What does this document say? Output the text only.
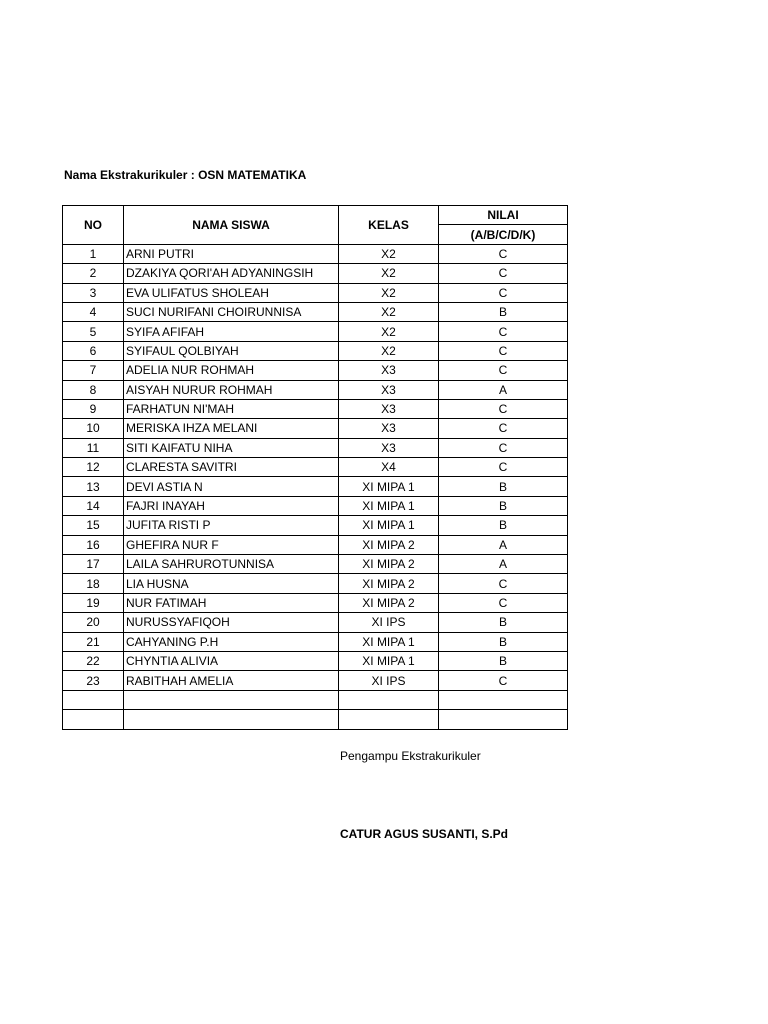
Nama Ekstrakurikuler : OSN MATEMATIKA
NO	NAMA SISWA	KELAS	NILAI
			(A/B/C/D/K)
1	ARNI PUTRI	X2	C
2	DZAKIYA QORI'AH ADYANINGSIH	X2	C
3	EVA ULIFATUS SHOLEAH	X2	C
4	SUCI NURIFANI CHOIRUNNISA	X2	B
5	SYIFA AFIFAH	X2	C
6	SYIFAUL QOLBIYAH	X2	C
7	ADELIA NUR ROHMAH	X3	C
8	AISYAH NURUR ROHMAH	X3	A
9	FARHATUN NI'MAH	X3	C
10	MERISKA IHZA MELANI	X3	C
11	SITI KAIFATU NIHA	X3	C
12	CLARESTA SAVITRI	X4	C
13	DEVI ASTIA N	XI MIPA 1	B
14	FAJRI INAYAH	XI MIPA 1	B
15	JUFITA RISTI P	XI MIPA 1	B
16	GHEFIRA NUR F	XI MIPA 2	A
17	LAILA SAHRUROTUNNISA	XI MIPA 2	A
18	LIA HUSNA	XI MIPA 2	C
19	NUR FATIMAH	XI MIPA 2	C
20	NURUSSYAFIQOH	XI IPS	B
21	CAHYANING P.H	XI MIPA 1	B
22	CHYNTIA ALIVIA	XI MIPA 1	B
23	RABITHAH AMELIA	XI IPS	C

Pengampu Ekstrakurikuler
CATUR AGUS SUSANTI, S.Pd
